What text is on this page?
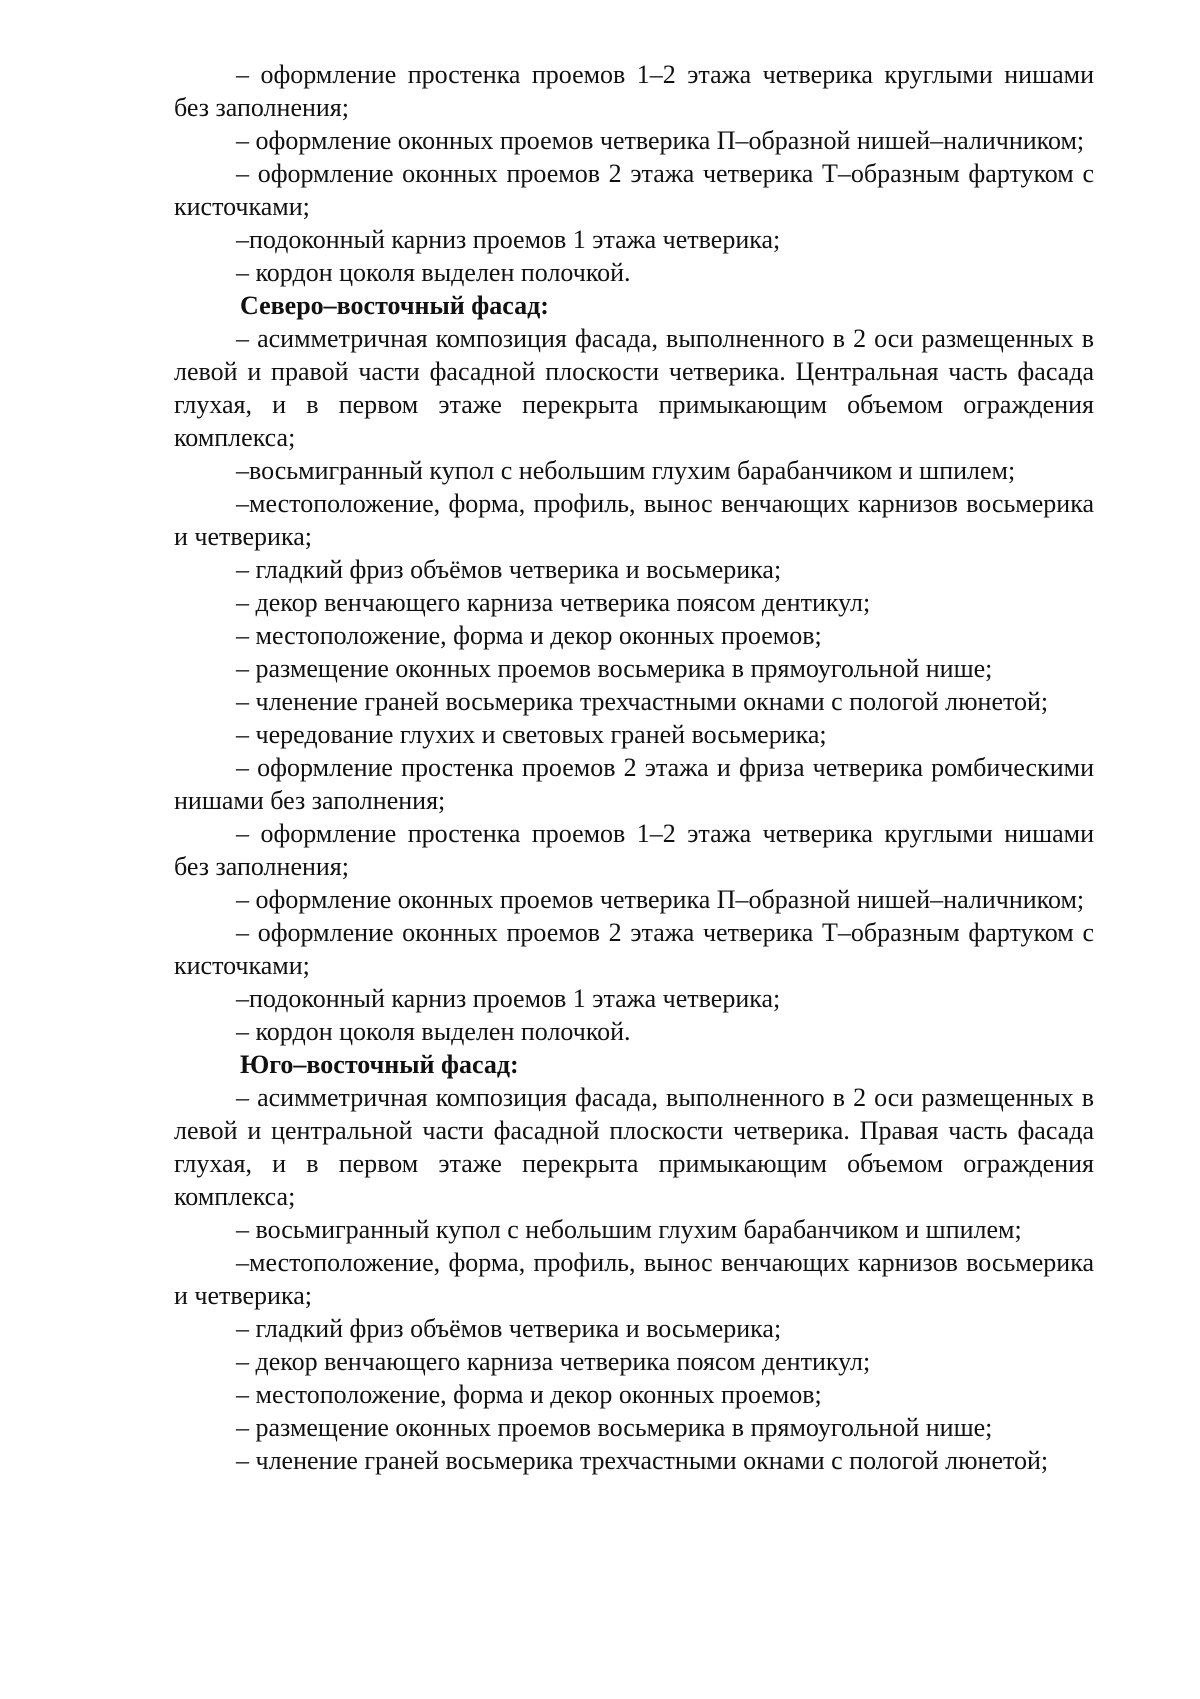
– оформление простенка проемов 1–2 этажа четверика круглыми нишами без заполнения;

– оформление оконных проемов четверика П–образной нишей–наличником;

– оформление оконных проемов 2 этажа четверика Т–образным фартуком с кисточками;

–подоконный карниз проемов 1 этажа четверика;

– кордон цоколя выделен полочкой.

Северо–восточный фасад:

– асимметричная композиция фасада, выполненного в 2 оси размещенных в левой и правой части фасадной плоскости четверика. Центральная часть фасада глухая, и в первом этаже перекрыта примыкающим объемом ограждения комплекса;

–восьмигранный купол с небольшим глухим барабанчиком и шпилем;

–местоположение, форма, профиль, вынос венчающих карнизов восьмерика и четверика;

– гладкий фриз объёмов четверика и восьмерика;

– декор венчающего карниза четверика поясом дентикул;

– местоположение, форма и декор оконных проемов;

– размещение оконных проемов восьмерика в прямоугольной нише;

– членение граней восьмерика трехчастными окнами с пологой люнетой;

– чередование глухих и световых граней восьмерика;

– оформление простенка проемов 2 этажа и фриза четверика ромбическими нишами без заполнения;

– оформление простенка проемов 1–2 этажа четверика круглыми нишами без заполнения;

– оформление оконных проемов четверика П–образной нишей–наличником;

– оформление оконных проемов 2 этажа четверика Т–образным фартуком с кисточками;

–подоконный карниз проемов 1 этажа четверика;

– кордон цоколя выделен полочкой.

Юго–восточный фасад:

– асимметричная композиция фасада, выполненного в 2 оси размещенных в левой и центральной части фасадной плоскости четверика. Правая часть фасада глухая, и в первом этаже перекрыта примыкающим объемом ограждения комплекса;

– восьмигранный купол с небольшим глухим барабанчиком и шпилем;

–местоположение, форма, профиль, вынос венчающих карнизов восьмерика и четверика;

– гладкий фриз объёмов четверика и восьмерика;

– декор венчающего карниза четверика поясом дентикул;

– местоположение, форма и декор оконных проемов;

– размещение оконных проемов восьмерика в прямоугольной нише;

– членение граней восьмерика трехчастными окнами с пологой люнетой;
